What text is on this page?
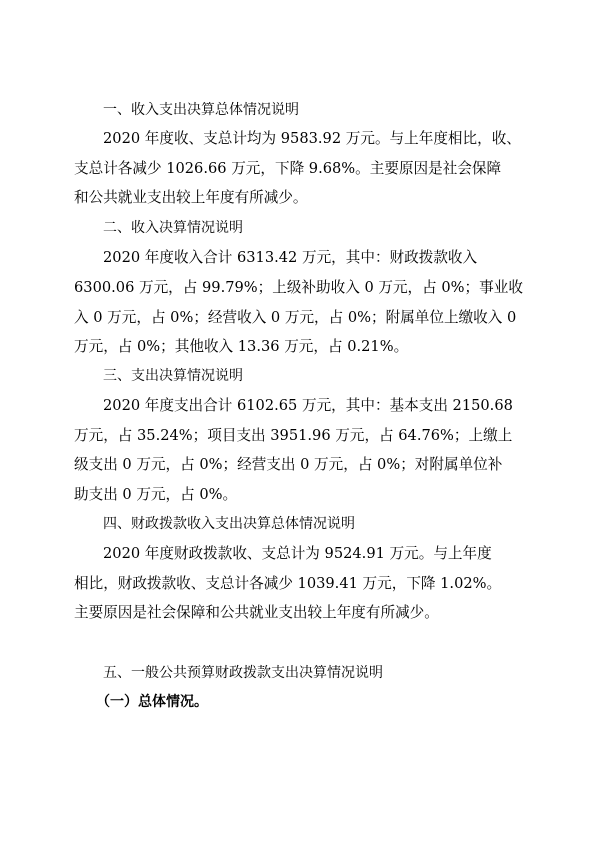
一、收入支出决算总体情况说明
2020 年度收、支总计均为 9583.92 万元。与上年度相比，收、
支总计各减少 1026.66 万元，下降 9.68%。主要原因是社会保障
和公共就业支出较上年度有所减少。
二、收入决算情况说明
2020 年度收入合计 6313.42 万元，其中：财政拨款收入
6300.06 万元，占 99.79%；上级补助收入 0 万元，占 0%；事业收
入 0 万元，占 0%；经营收入 0 万元，占 0%；附属单位上缴收入 0
万元，占 0%；其他收入 13.36 万元，占 0.21%。
三、支出决算情况说明
2020 年度支出合计 6102.65 万元，其中：基本支出 2150.68
万元，占 35.24%；项目支出 3951.96 万元，占 64.76%；上缴上
级支出 0 万元，占 0%；经营支出 0 万元，占 0%；对附属单位补
助支出 0 万元，占 0%。
四、财政拨款收入支出决算总体情况说明
2020 年度财政拨款收、支总计为 9524.91 万元。与上年度
相比，财政拨款收、支总计各减少 1039.41 万元，下降 1.02%。
主要原因是社会保障和公共就业支出较上年度有所减少。
五、一般公共预算财政拨款支出决算情况说明
（一）总体情况。
